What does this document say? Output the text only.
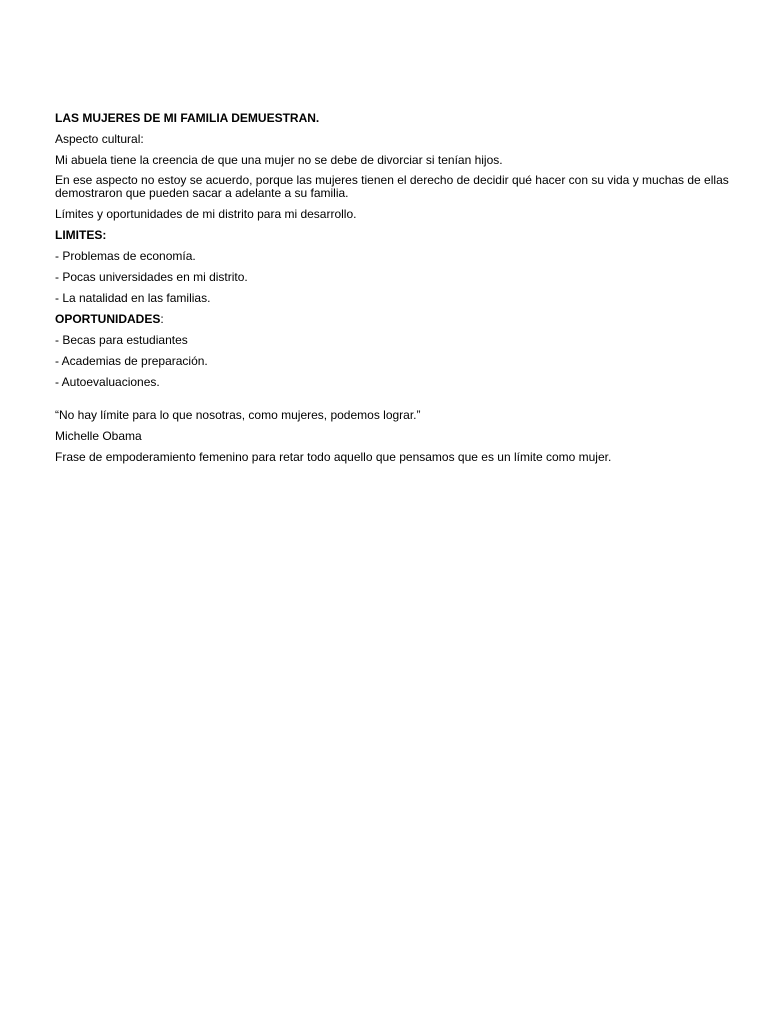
LAS MUJERES DE MI FAMILIA DEMUESTRAN.

Aspecto cultural:

Mi abuela tiene la creencia de que una mujer no se debe de divorciar si tenían hijos.

En ese aspecto no estoy se acuerdo, porque las mujeres tienen el derecho de decidir qué hacer con su vida y muchas de ellas demostraron que pueden sacar a adelante a su familia.

Límites y oportunidades de mi distrito para mi desarrollo.

LIMITES:

- Problemas de economía.

- Pocas universidades en mi distrito.

- La natalidad en las familias.

OPORTUNIDADES:

- Becas para estudiantes

- Academias de preparación.

- Autoevaluaciones.

“No hay límite para lo que nosotras, como mujeres, podemos lograr.”

Michelle Obama

Frase de empoderamiento femenino para retar todo aquello que pensamos que es un límite como mujer.
